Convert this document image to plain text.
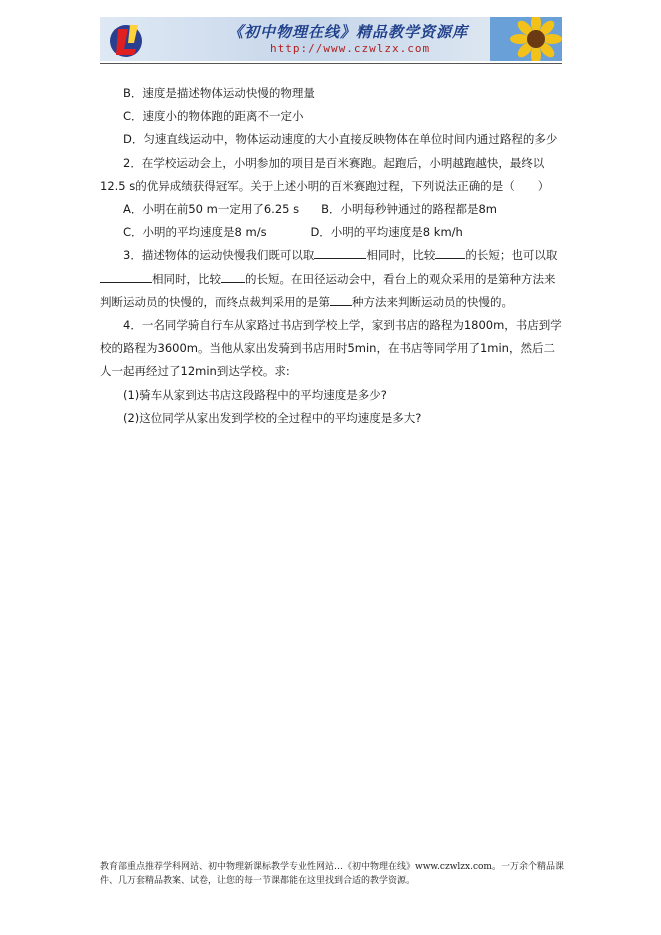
《初中物理在线》精品教学资源库
http://www.czwlzx.com

B．速度是描述物体运动快慢的物理量

C．速度小的物体跑的距离不一定小

D．匀速直线运动中，物体运动速度的大小直接反映物体在单位时间内通过路程的多少

2．在学校运动会上，小明参加的项目是百米赛跑。起跑后，小明越跑越快，最终以12.5 s的优异成绩获得冠军。关于上述小明的百米赛跑过程，下列说法正确的是（　　）

A．小明在前50 m一定用了6.25 s B．小明每秒钟通过的路程都是8m

C．小明的平均速度是8 m/s	D．小明的平均速度是8 km/h

3．描述物体的运动快慢我们既可以取	相同时，比较	的长短；也可以取相同时，比较 的长短。在田径运动会中，看台上的观众采用的是第种方法来判断运动员的快慢的，而终点裁判采用的是第 种方法来判断运动员的快慢的。

4．一名同学骑自行车从家路过书店到学校上学，家到书店的路程为1800m，书店到学校的路程为3600m。当他从家出发骑到书店用时5min，在书店等同学用了1min，然后二人一起再经过了12min到达学校。求:

(1)骑车从家到达书店这段路程中的平均速度是多少?

(2)这位同学从家出发到学校的全过程中的平均速度是多大?

教育部重点推荐学科网站、初中物理新课标教学专业性网站…《初中物理在线》www.czwlzx.com。一万余个精品课件、几万套精品教案、试卷，让您的每一节课都能在这里找到合适的教学资源。
